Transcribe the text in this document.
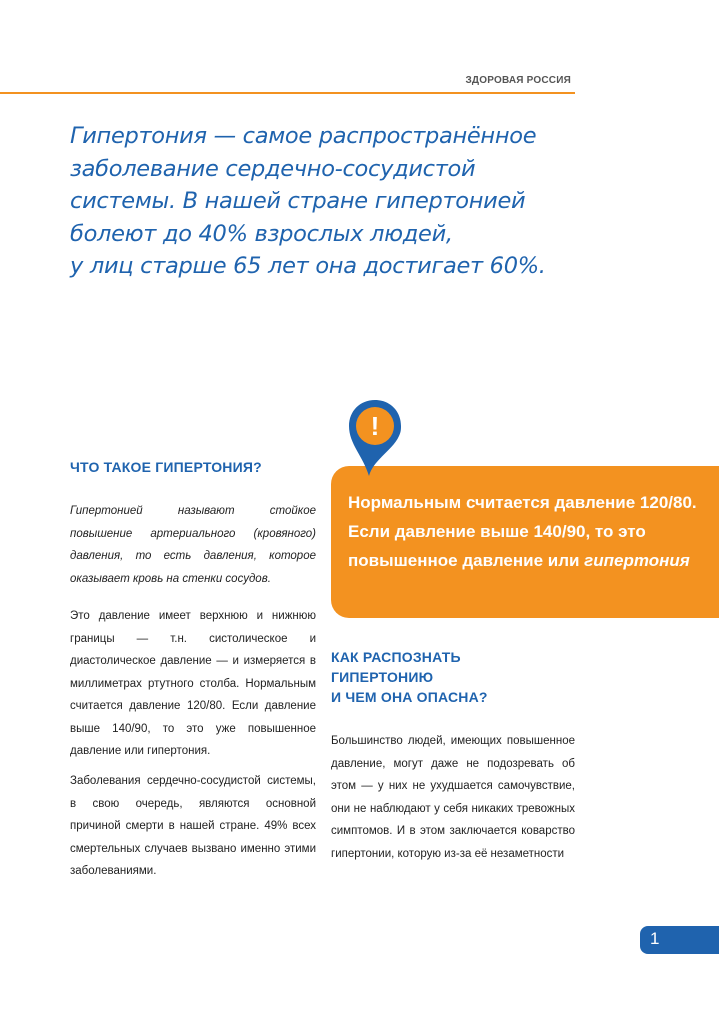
ЗДОРОВАЯ РОССИЯ
Гипертония — самое распространённое
заболевание сердечно-сосудистой
системы. В нашей стране гипертонией
болеют до 40% взрослых людей,
у лиц старше 65 лет она достигает 60%.
ЧТО ТАКОЕ ГИПЕРТОНИЯ?
Гипертонией называют стойкое повышение артериального (кровяного) давления, то есть давления, которое оказывает кровь на стенки сосудов.
Это давление имеет верхнюю и нижнюю границы — т.н. систолическое и диастолическое давление — и измеряется в миллиметрах ртутного столба. Нормальным считается давление 120/80. Если давление выше 140/90, то это уже повышенное давление или гипертония.
Заболевания сердечно-сосудистой системы, в свою очередь, являются основной причиной смерти в нашей стране. 49% всех смертельных случаев вызвано именно этими заболеваниями.
!
Нормальным считается давление 120/80. Если давление выше 140/90, то это повышенное давление или гипертония
КАК РАСПОЗНАТЬ
ГИПЕРТОНИЮ
И ЧЕМ ОНА ОПАСНА?
Большинство людей, имеющих повышенное давление, могут даже не подозревать об этом — у них не ухудшается самочувствие, они не наблюдают у себя никаких тревожных симптомов. И в этом заключается коварство гипертонии, которую из-за её незаметности
1
